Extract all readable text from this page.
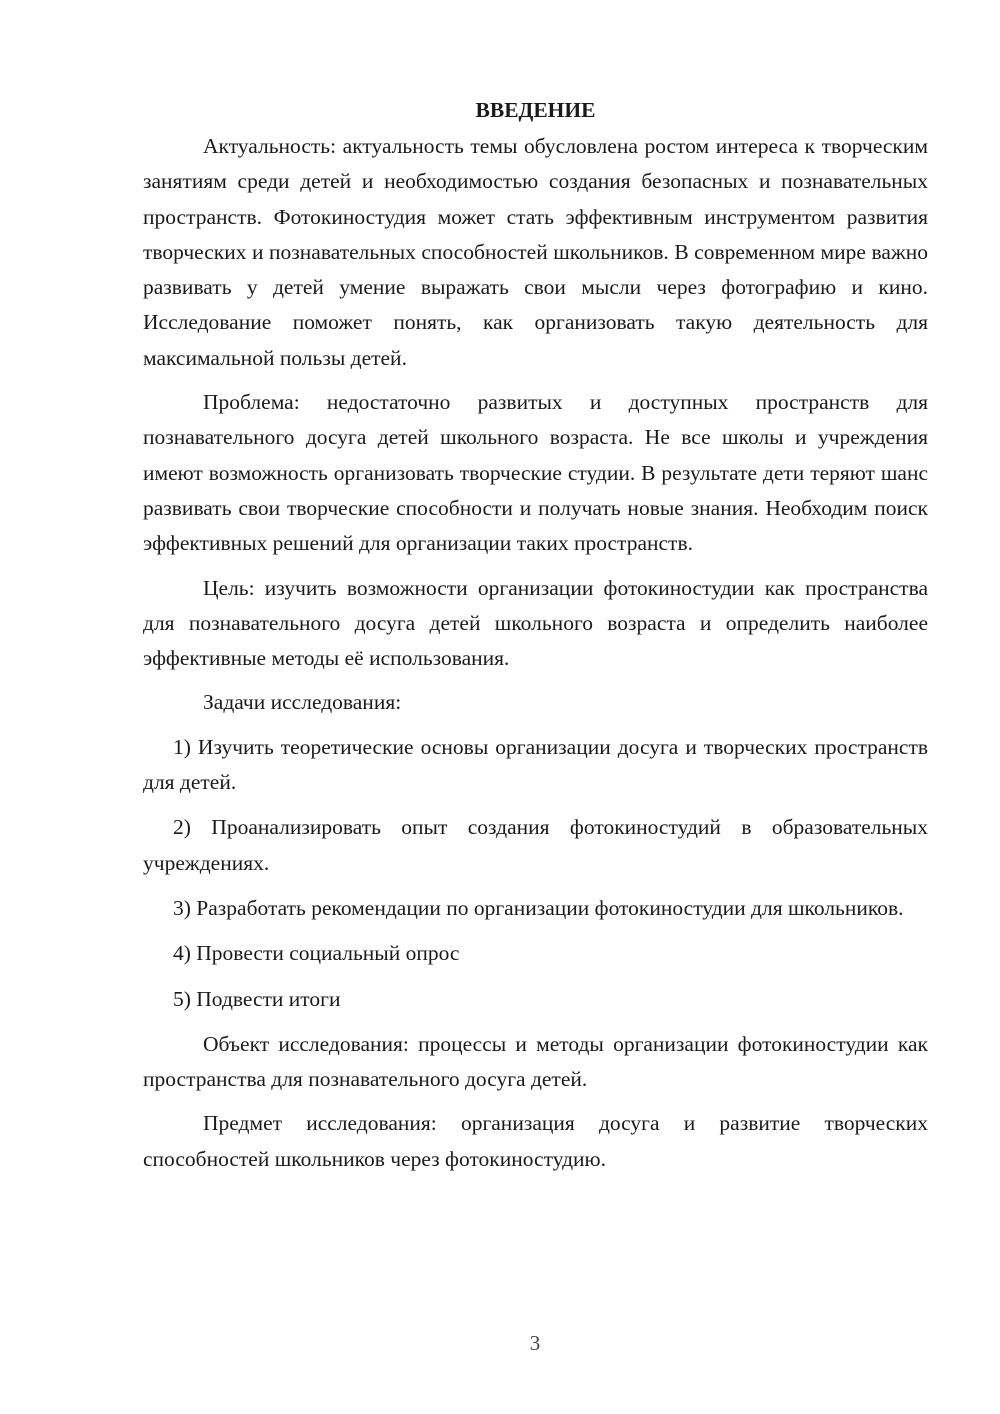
ВВЕДЕНИЕ

Актуальность: актуальность темы обусловлена ростом интереса к творческим занятиям среди детей и необходимостью создания безопасных и познавательных пространств. Фотокиностудия может стать эффективным инструментом развития творческих и познавательных способностей школьников. В современном мире важно развивать у детей умение выражать свои мысли через фотографию и кино. Исследование поможет понять, как организовать такую деятельность для максимальной пользы детей.

Проблема: недостаточно развитых и доступных пространств для познавательного досуга детей школьного возраста. Не все школы и учреждения имеют возможность организовать творческие студии. В результате дети теряют шанс развивать свои творческие способности и получать новые знания. Необходим поиск эффективных решений для организации таких пространств.

Цель: изучить возможности организации фотокиностудии как пространства для познавательного досуга детей школьного возраста и определить наиболее эффективные методы её использования.

Задачи исследования:

1) Изучить теоретические основы организации досуга и творческих пространств для детей.

2) Проанализировать опыт создания фотокиностудий в образовательных учреждениях.

3) Разработать рекомендации по организации фотокиностудии для школьников.

4) Провести социальный опрос

5) Подвести итоги

Объект исследования: процессы и методы организации фотокиностудии как пространства для познавательного досуга детей.

Предмет исследования: организация досуга и развитие творческих способностей школьников через фотокиностудию.

3
